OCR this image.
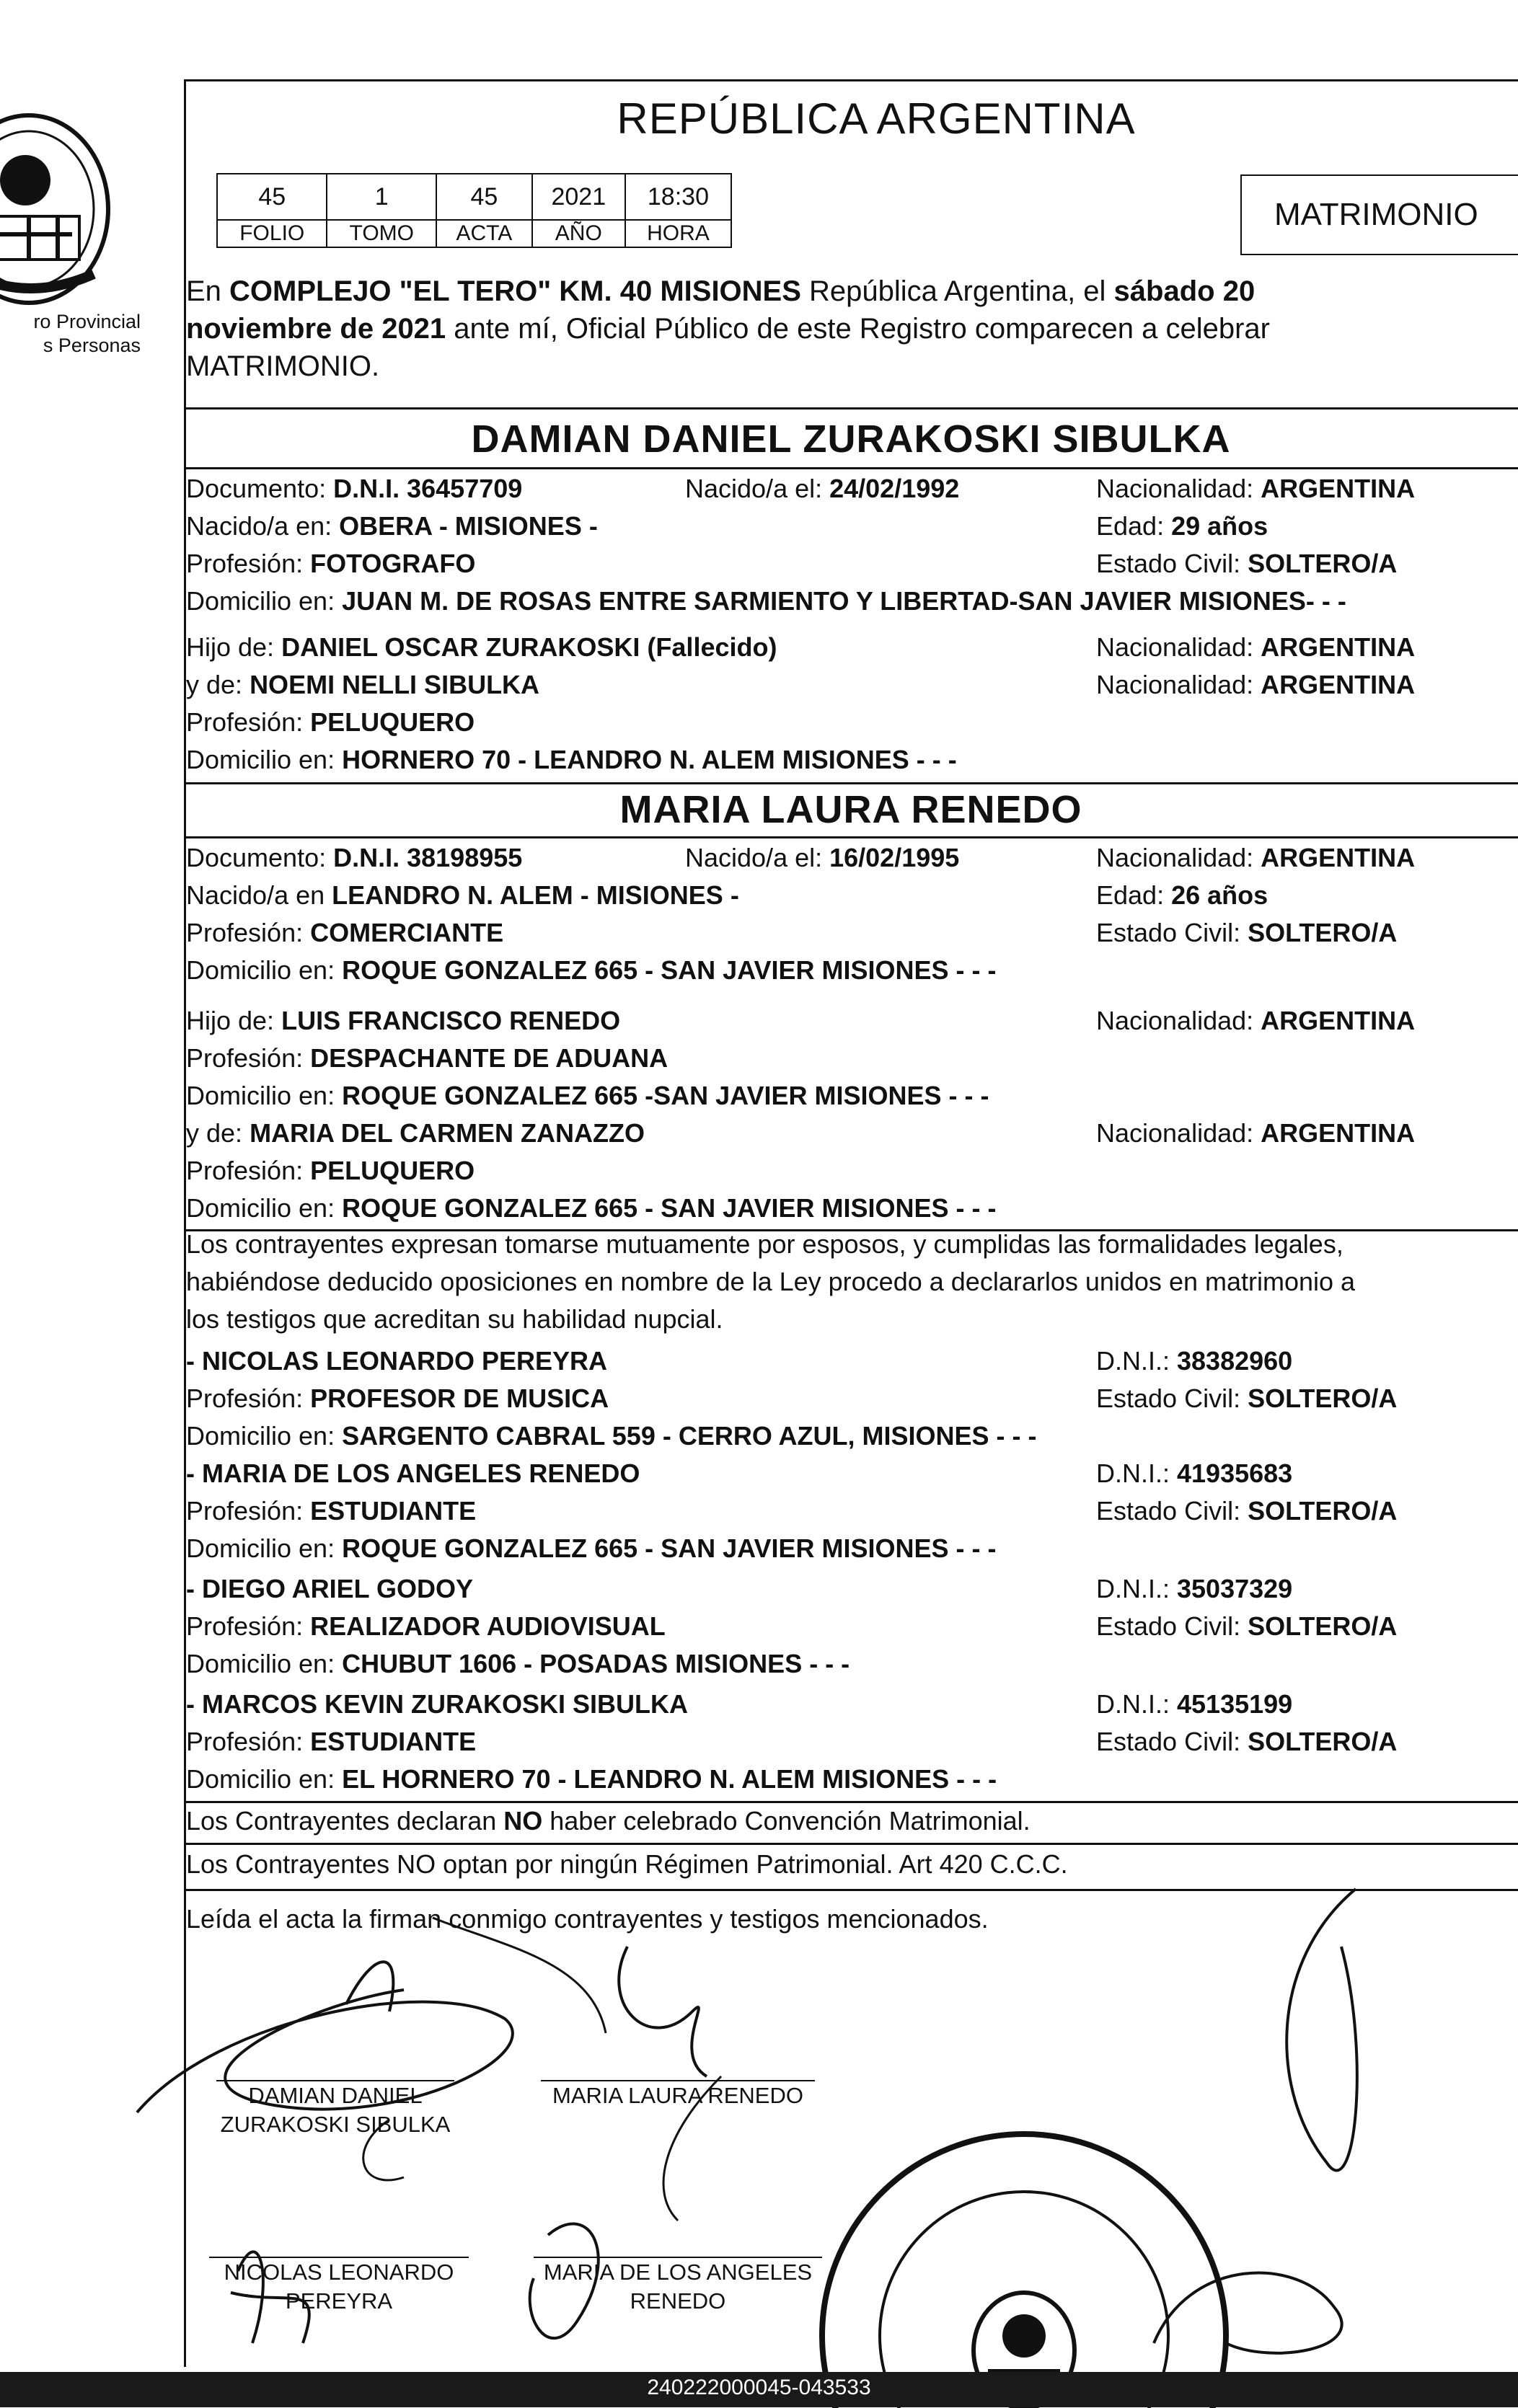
ro Provincial
s Personas
REPÚBLICA ARGENTINA
45	1	45	2021	18:30
FOLIO	TOMO	ACTA	AÑO	HORA
MATRIMONIO
En COMPLEJO "EL TERO" KM. 40 MISIONES República Argentina, el sábado 20
noviembre de 2021 ante mí, Oficial Público de este Registro comparecen a celebrar
MATRIMONIO.
DAMIAN DANIEL ZURAKOSKI SIBULKA
Documento: D.N.I. 36457709	Nacido/a el: 24/02/1992	Nacionalidad: ARGENTINA
Nacido/a en: OBERA - MISIONES -	Edad: 29 años
Profesión: FOTOGRAFO	Estado Civil: SOLTERO/A
Domicilio en: JUAN M. DE ROSAS ENTRE SARMIENTO Y LIBERTAD-SAN JAVIER MISIONES- - -
Hijo de: DANIEL OSCAR ZURAKOSKI (Fallecido)	Nacionalidad: ARGENTINA
y de: NOEMI NELLI SIBULKA	Nacionalidad: ARGENTINA
Profesión: PELUQUERO
Domicilio en: HORNERO 70 - LEANDRO N. ALEM MISIONES - - -
MARIA LAURA RENEDO
Documento: D.N.I. 38198955	Nacido/a el: 16/02/1995	Nacionalidad: ARGENTINA
Nacido/a en LEANDRO N. ALEM - MISIONES -	Edad: 26 años
Profesión: COMERCIANTE	Estado Civil: SOLTERO/A
Domicilio en: ROQUE GONZALEZ 665 - SAN JAVIER MISIONES - - -
Hijo de: LUIS FRANCISCO RENEDO	Nacionalidad: ARGENTINA
Profesión: DESPACHANTE DE ADUANA
Domicilio en: ROQUE GONZALEZ 665 -SAN JAVIER MISIONES - - -
y de: MARIA DEL CARMEN ZANAZZO	Nacionalidad: ARGENTINA
Profesión: PELUQUERO
Domicilio en: ROQUE GONZALEZ 665 - SAN JAVIER MISIONES - - -
Los contrayentes expresan tomarse mutuamente por esposos, y cumplidas las formalidades legales,
habiéndose deducido oposiciones en nombre de la Ley procedo a declararlos unidos en matrimonio a
los testigos que acreditan su habilidad nupcial.
- NICOLAS LEONARDO PEREYRA	D.N.I.: 38382960
Profesión: PROFESOR DE MUSICA	Estado Civil: SOLTERO/A
Domicilio en: SARGENTO CABRAL 559 - CERRO AZUL, MISIONES - - -
- MARIA DE LOS ANGELES RENEDO	D.N.I.: 41935683
Profesión: ESTUDIANTE	Estado Civil: SOLTERO/A
Domicilio en: ROQUE GONZALEZ 665 - SAN JAVIER MISIONES - - -
- DIEGO ARIEL GODOY	D.N.I.: 35037329
Profesión: REALIZADOR AUDIOVISUAL	Estado Civil: SOLTERO/A
Domicilio en: CHUBUT 1606 - POSADAS MISIONES - - -
- MARCOS KEVIN ZURAKOSKI SIBULKA	D.N.I.: 45135199
Profesión: ESTUDIANTE	Estado Civil: SOLTERO/A
Domicilio en: EL HORNERO 70 - LEANDRO N. ALEM MISIONES - - -
Los Contrayentes declaran NO haber celebrado Convención Matrimonial.
Los Contrayentes NO optan por ningún Régimen Patrimonial. Art 420 C.C.C.
Leída el acta la firman conmigo contrayentes y testigos mencionados.
DAMIAN DANIEL
ZURAKOSKI SIBULKA
MARIA LAURA RENEDO
NICOLAS LEONARDO
PEREYRA
MARIA DE LOS ANGELES
RENEDO
240222000045-043533
